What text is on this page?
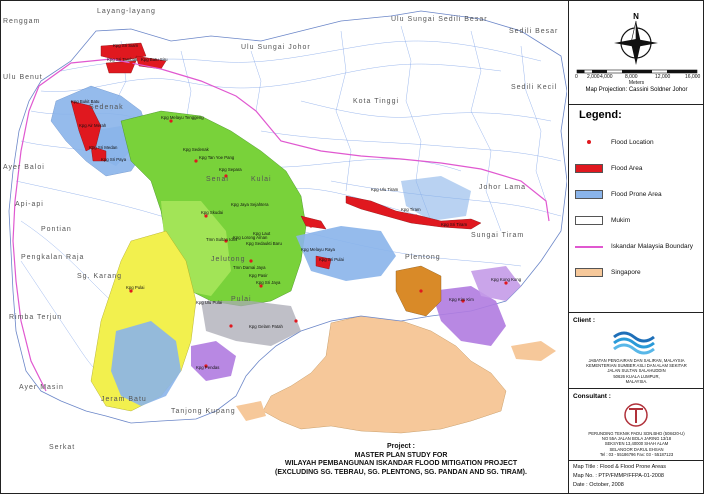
Renggam
Layang-layang
Ulu Benut
Ulu Sungai Johor
Ulu Sungai Sedili Besar
Sedili Besar
Sedili Kecil
Kota Tinggi
Sedenak
Ayer Baloi
Api-api
Pontian
Pengkalan Raja
Sg. Karang
Rimba Terjun
Ayer Masin
Jeram Batu
Tanjong Kupang
Serkat
Johor Lama
Sungai Tiram
Plentong
Pulai
Jelutong
Kulai
Senai
Kpg Sri Siam
Kpg Sri Tambak Kpg Batu Siru
Kpg Bukit Batu
Kpg Air Merah
Kpg Sri Medan
Kpg Sri Paya
Kpg Melayu Tenggeng
Kpg Sedenak
Kpg Tan Yoe Pang
Kpg Separa
Kpg Jaya Sejahtera
Kpg Skudai
Tmn Sultan Idris
Kpg Lorong Aman
Kpg Laut
Kpg Sedaukti Baru
Tmn Damai Jaya
Kpg Pasir
Kpg Sri Jaya
Kpg Pulai
Kpg Ulu Pulai
Kpg Ulu Tiram
Kpg Tiram
Kpg Sri Tiram
Kpg Kong Kong
Kpg Kim Kim
Kpg Melayu Raya
Kpg Sri Pulai
Kpg Gelam Patah
Kpg Pendas
Project :
MASTER PLAN STUDY FOR
WILAYAH PEMBANGUNAN ISKANDAR FLOOD MITIGATION PROJECT
(EXCLUDING SG. TEBRAU, SG. PLENTONG, SG. PANDAN AND SG. TIRAM).
N
0 2,000 4,000 8,000	12,000	16,000
Meters
Map Projection: Cassini Soldner Johor
Legend:
Flood Location
Flood Area
Flood Prone Area
Mukim
Iskandar Malaysia Boundary
Singapore
Client :
JABATAN PENGAIRAN DAN SALIRAN, MALAYSIA
KEMENTERIAN SUMBER ASLI DAN ALAM SEKITAR
JALAN SULTAN SALAHUDDIN
50626 KUALA LUMPUR,
MALAYSIA.
Consultant :
PERUNDING TEKNIK PADU SDN.BHD (508420-U)
NO 55A JALAN BOLA JARING 13/18
SEKSYEN 13,40000 SHAH ALAM
SELANGOR DARUL EHSAN
Tel : 03 - 55186796 Fax: 03 - 55187123
Map Title : Flood & Flood Prone Areas
Map No. : PTP/FMMP/FFPA-01-2008
Date : October, 2008
